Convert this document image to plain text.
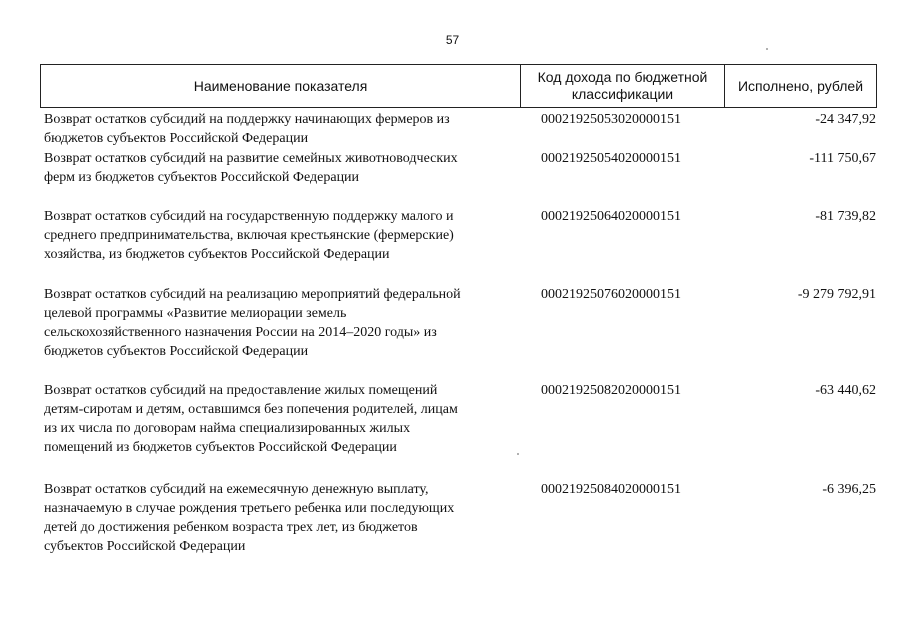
57
Наименование показателя
Код дохода по бюджетной
классификации
Исполнено, рублей
Возврат остатков субсидий на поддержку начинающих фермеров из
бюджетов субъектов Российской Федерации
00021925053020000151	-24 347,92
Возврат остатков субсидий на развитие семейных животноводческих
ферм из бюджетов субъектов Российской Федерации
00021925054020000151	-111 750,67
Возврат остатков субсидий на государственную поддержку малого и
среднего предпринимательства, включая крестьянские (фермерские)
хозяйства, из бюджетов субъектов Российской Федерации
00021925064020000151	-81 739,82
Возврат остатков субсидий на реализацию мероприятий федеральной
целевой программы «Развитие мелиорации земель
сельскохозяйственного назначения России на 2014–2020 годы» из
бюджетов субъектов Российской Федерации
00021925076020000151	-9 279 792,91
Возврат остатков субсидий на предоставление жилых помещений
детям-сиротам и детям, оставшимся без попечения родителей, лицам
из их числа по договорам найма специализированных жилых
помещений из бюджетов субъектов Российской Федерации
00021925082020000151	-63 440,62
Возврат остатков субсидий на ежемесячную денежную выплату,
назначаемую в случае рождения третьего ребенка или последующих
детей до достижения ребенком возраста трех лет, из бюджетов
субъектов Российской Федерации
00021925084020000151	-6 396,25
